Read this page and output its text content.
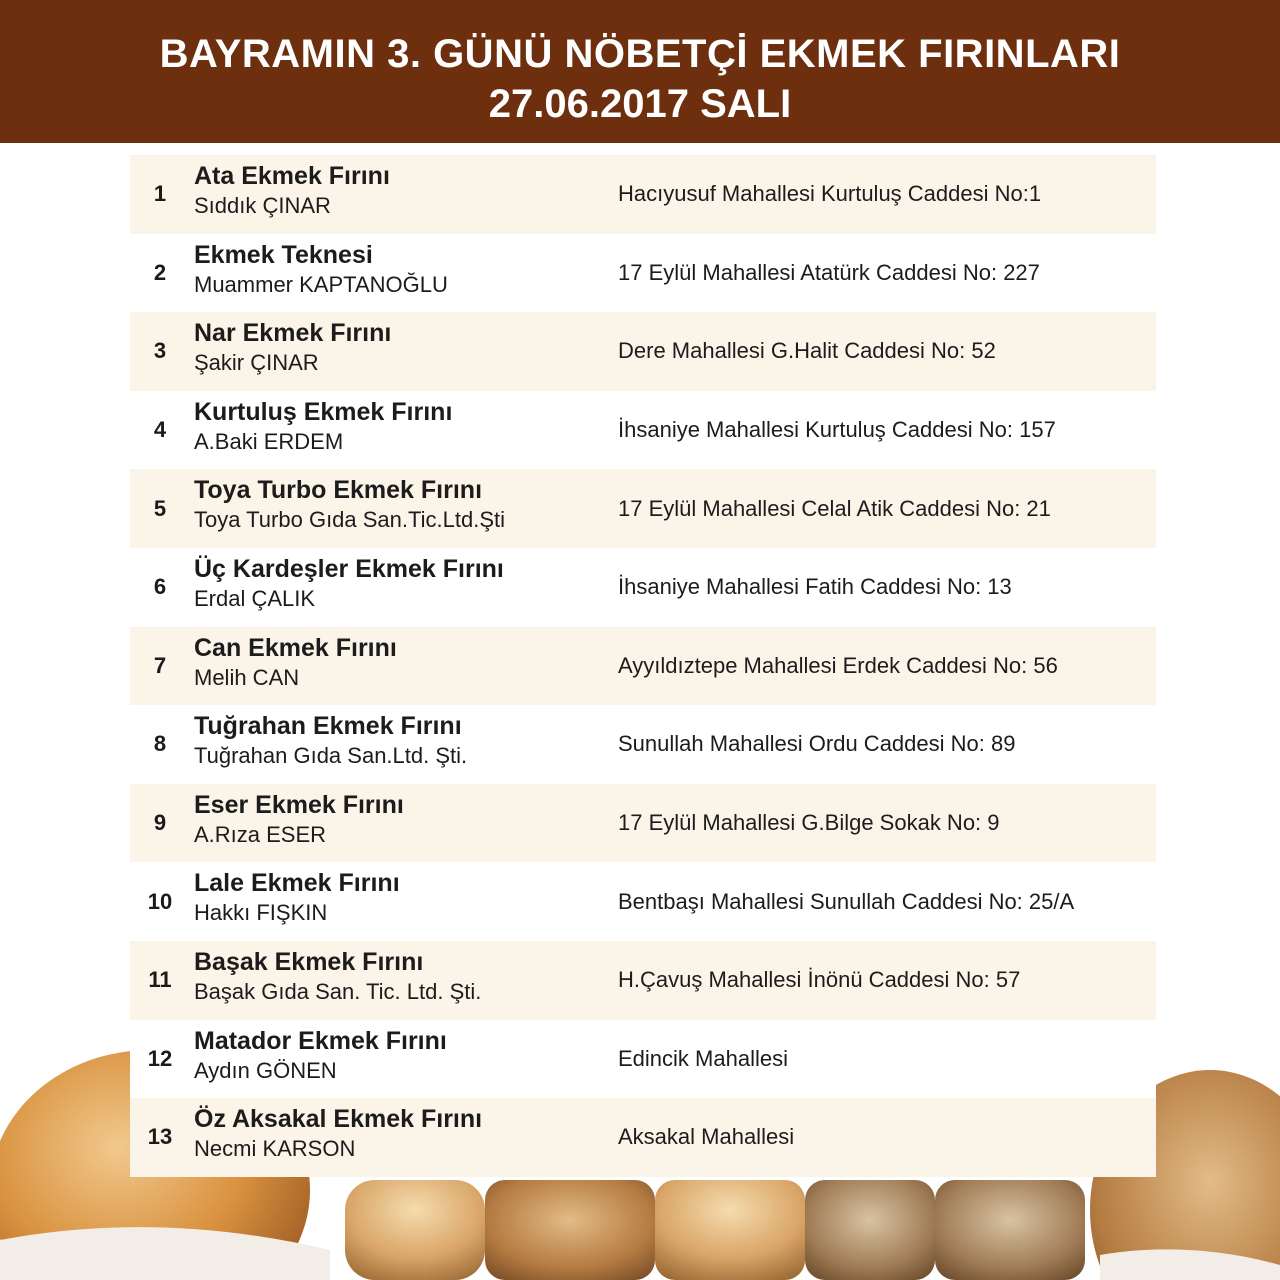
BAYRAMIN 3. GÜNÜ NÖBETÇİ EKMEK FIRINLARI
27.06.2017 SALI
1
Ata Ekmek Fırını
Sıddık ÇINAR	Hacıyusuf Mahallesi Kurtuluş Caddesi No:1
2
Ekmek Teknesi
Muammer KAPTANOĞLU	17 Eylül Mahallesi Atatürk Caddesi No: 227
3
Nar Ekmek Fırını
Şakir ÇINAR	Dere Mahallesi G.Halit Caddesi No: 52
4
Kurtuluş Ekmek Fırını
A.Baki ERDEM	İhsaniye Mahallesi Kurtuluş Caddesi No: 157
5
Toya Turbo Ekmek Fırını
Toya Turbo Gıda San.Tic.Ltd.Şti	17 Eylül Mahallesi Celal Atik Caddesi No: 21
6
Üç Kardeşler Ekmek Fırını
Erdal ÇALIK	İhsaniye Mahallesi Fatih Caddesi No: 13
7
Can Ekmek Fırını
Melih CAN	Ayyıldıztepe Mahallesi Erdek Caddesi No: 56
8
Tuğrahan Ekmek Fırını
Tuğrahan Gıda San.Ltd. Şti.	Sunullah Mahallesi Ordu Caddesi No: 89
9
Eser Ekmek Fırını
A.Rıza ESER	17 Eylül Mahallesi G.Bilge Sokak No: 9
10
Lale Ekmek Fırını
Hakkı FIŞKIN	Bentbaşı Mahallesi Sunullah Caddesi No: 25/A
11
Başak Ekmek Fırını
Başak Gıda San. Tic. Ltd. Şti.	H.Çavuş Mahallesi İnönü Caddesi No: 57
12
Matador Ekmek Fırını
Aydın GÖNEN	Edincik Mahallesi
13
Öz Aksakal Ekmek Fırını
Necmi KARSON	Aksakal Mahallesi
